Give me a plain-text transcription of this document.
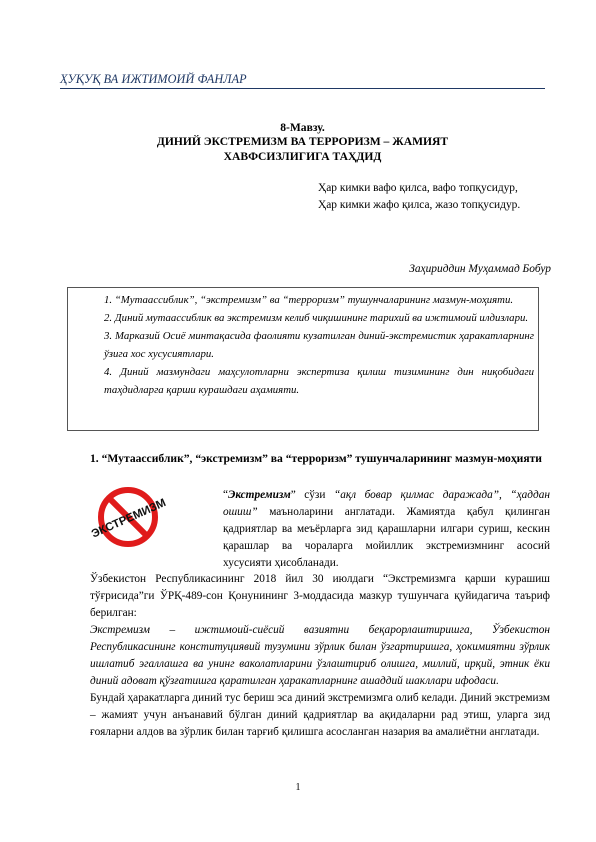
ҲУҚУҚ ВА ИЖТИМОИЙ ФАНЛАР
8-Мавзу.
ДИНИЙ ЭКСТРЕМИЗМ ВА ТЕРРОРИЗМ – ЖАМИЯТ
ХАВФСИЗЛИГИГА ТАҲДИД
Ҳар кимки вафо қилса, вафо топқусидур,
Ҳар кимки жафо қилса, жазо топқусидур.
Заҳириддин Муҳаммад Бобур

1. “Мутаассиблик”, “экстремизм” ва “терроризм” тушунчаларининг мазмун-моҳияти.

2. Диний мутаассиблик ва экстремизм келиб чиқишининг тарихий ва ижтимоий илдизлари.

3. Марказий Осиё минтақасида фаолияти кузатилган диний-экстремистик ҳаракатларнинг ўзига хос хусусиятлари.

4. Диний мазмундаги маҳсулотларни экспертиза қилиш тизимининг дин ниқобидаги таҳдидларга қарши курашдаги аҳамияти.

1. “Мутаассиблик”, “экстремизм” ва “терроризм” тушунчаларининг мазмун-моҳияти
ЭКСТРЕМИЗМ

“Экстремизм” сўзи “ақл бовар қилмас даражада”, “ҳаддан ошиш” маъноларини англатади. Жамиятда қабул қилинган қадриятлар ва меъёрларга зид қарашларни илгари суриш, кескин қарашлар ва чораларга мойиллик экстремизмнинг асосий хусусияти ҳисобланади.

Ўзбекистон Республикасининг 2018 йил 30 июлдаги “Экстремизмга қарши курашиш тўғрисида”ги ЎРҚ-489-сон Қонунининг 3-моддасида мазкур тушунчага қуйидагича таъриф берилган:

Экстремизм – ижтимоий-сиёсий вазиятни беқарорлаштиришга, Ўзбекистон Республикасининг конституциявий тузумини зўрлик билан ўзгартиришга, ҳокимиятни зўрлик ишлатиб эгаллашга ва унинг ваколатларини ўзлаштириб олишга, миллий, ирқий, этник ёки диний адоват қўзғатишга қаратилган ҳаракатларнинг ашаддий шакллари ифодаси.

Бундай ҳаракатларга диний тус бериш эса диний экстремизмга олиб келади. Диний экстремизм – жамият учун анъанавий бўлган диний қадриятлар ва ақидаларни рад этиш, уларга зид ғояларни алдов ва зўрлик билан тарғиб қилишга асосланган назария ва амалиётни англатади.

1
